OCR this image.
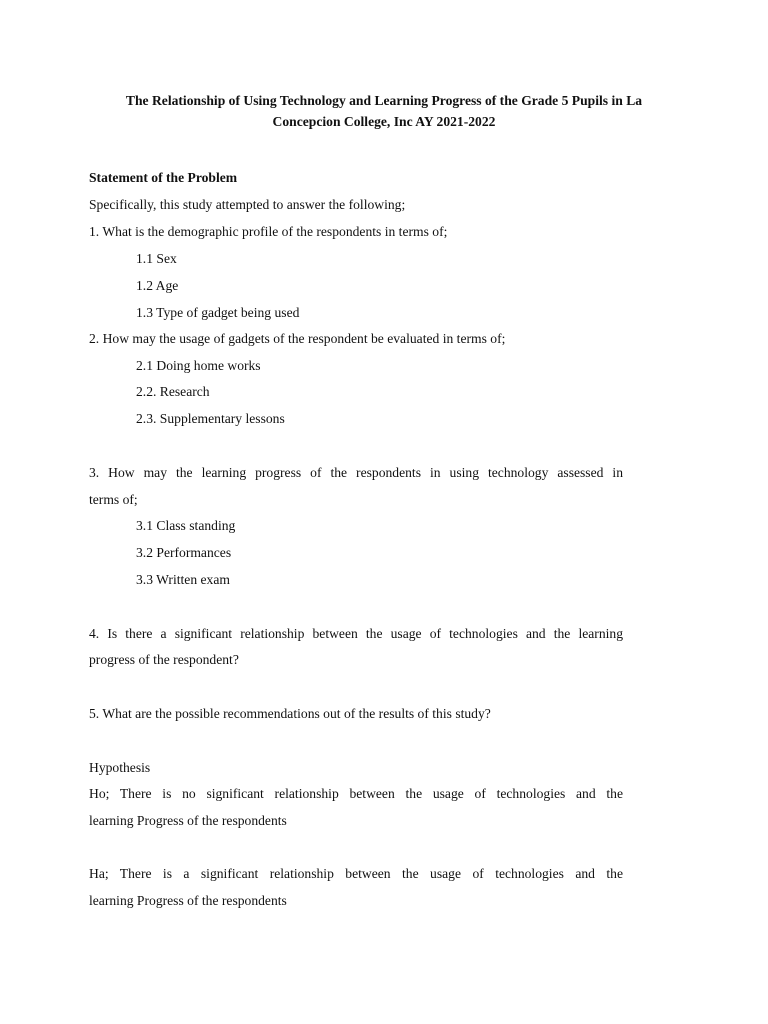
The Relationship of Using Technology and Learning Progress of the Grade 5 Pupils in La
Concepcion College, Inc AY 2021-2022
Statement of the Problem
Specifically, this study attempted to answer the following;
1. What is the demographic profile of the respondents in terms of;
1.1 Sex
1.2 Age
1.3 Type of gadget being used
2. How may the usage of gadgets of the respondent be evaluated in terms of;
2.1 Doing home works
2.2. Research
2.3. Supplementary lessons
3. How may the learning progress of the respondents in using technology assessed in
terms of;
3.1 Class standing
3.2 Performances
3.3 Written exam
4. Is there a significant relationship between the usage of technologies and the learning
progress of the respondent?
5. What are the possible recommendations out of the results of this study?
Hypothesis
Ho; There is no significant relationship between the usage of technologies and the
learning Progress of the respondents
Ha; There is a significant relationship between the usage of technologies and the
learning Progress of the respondents
